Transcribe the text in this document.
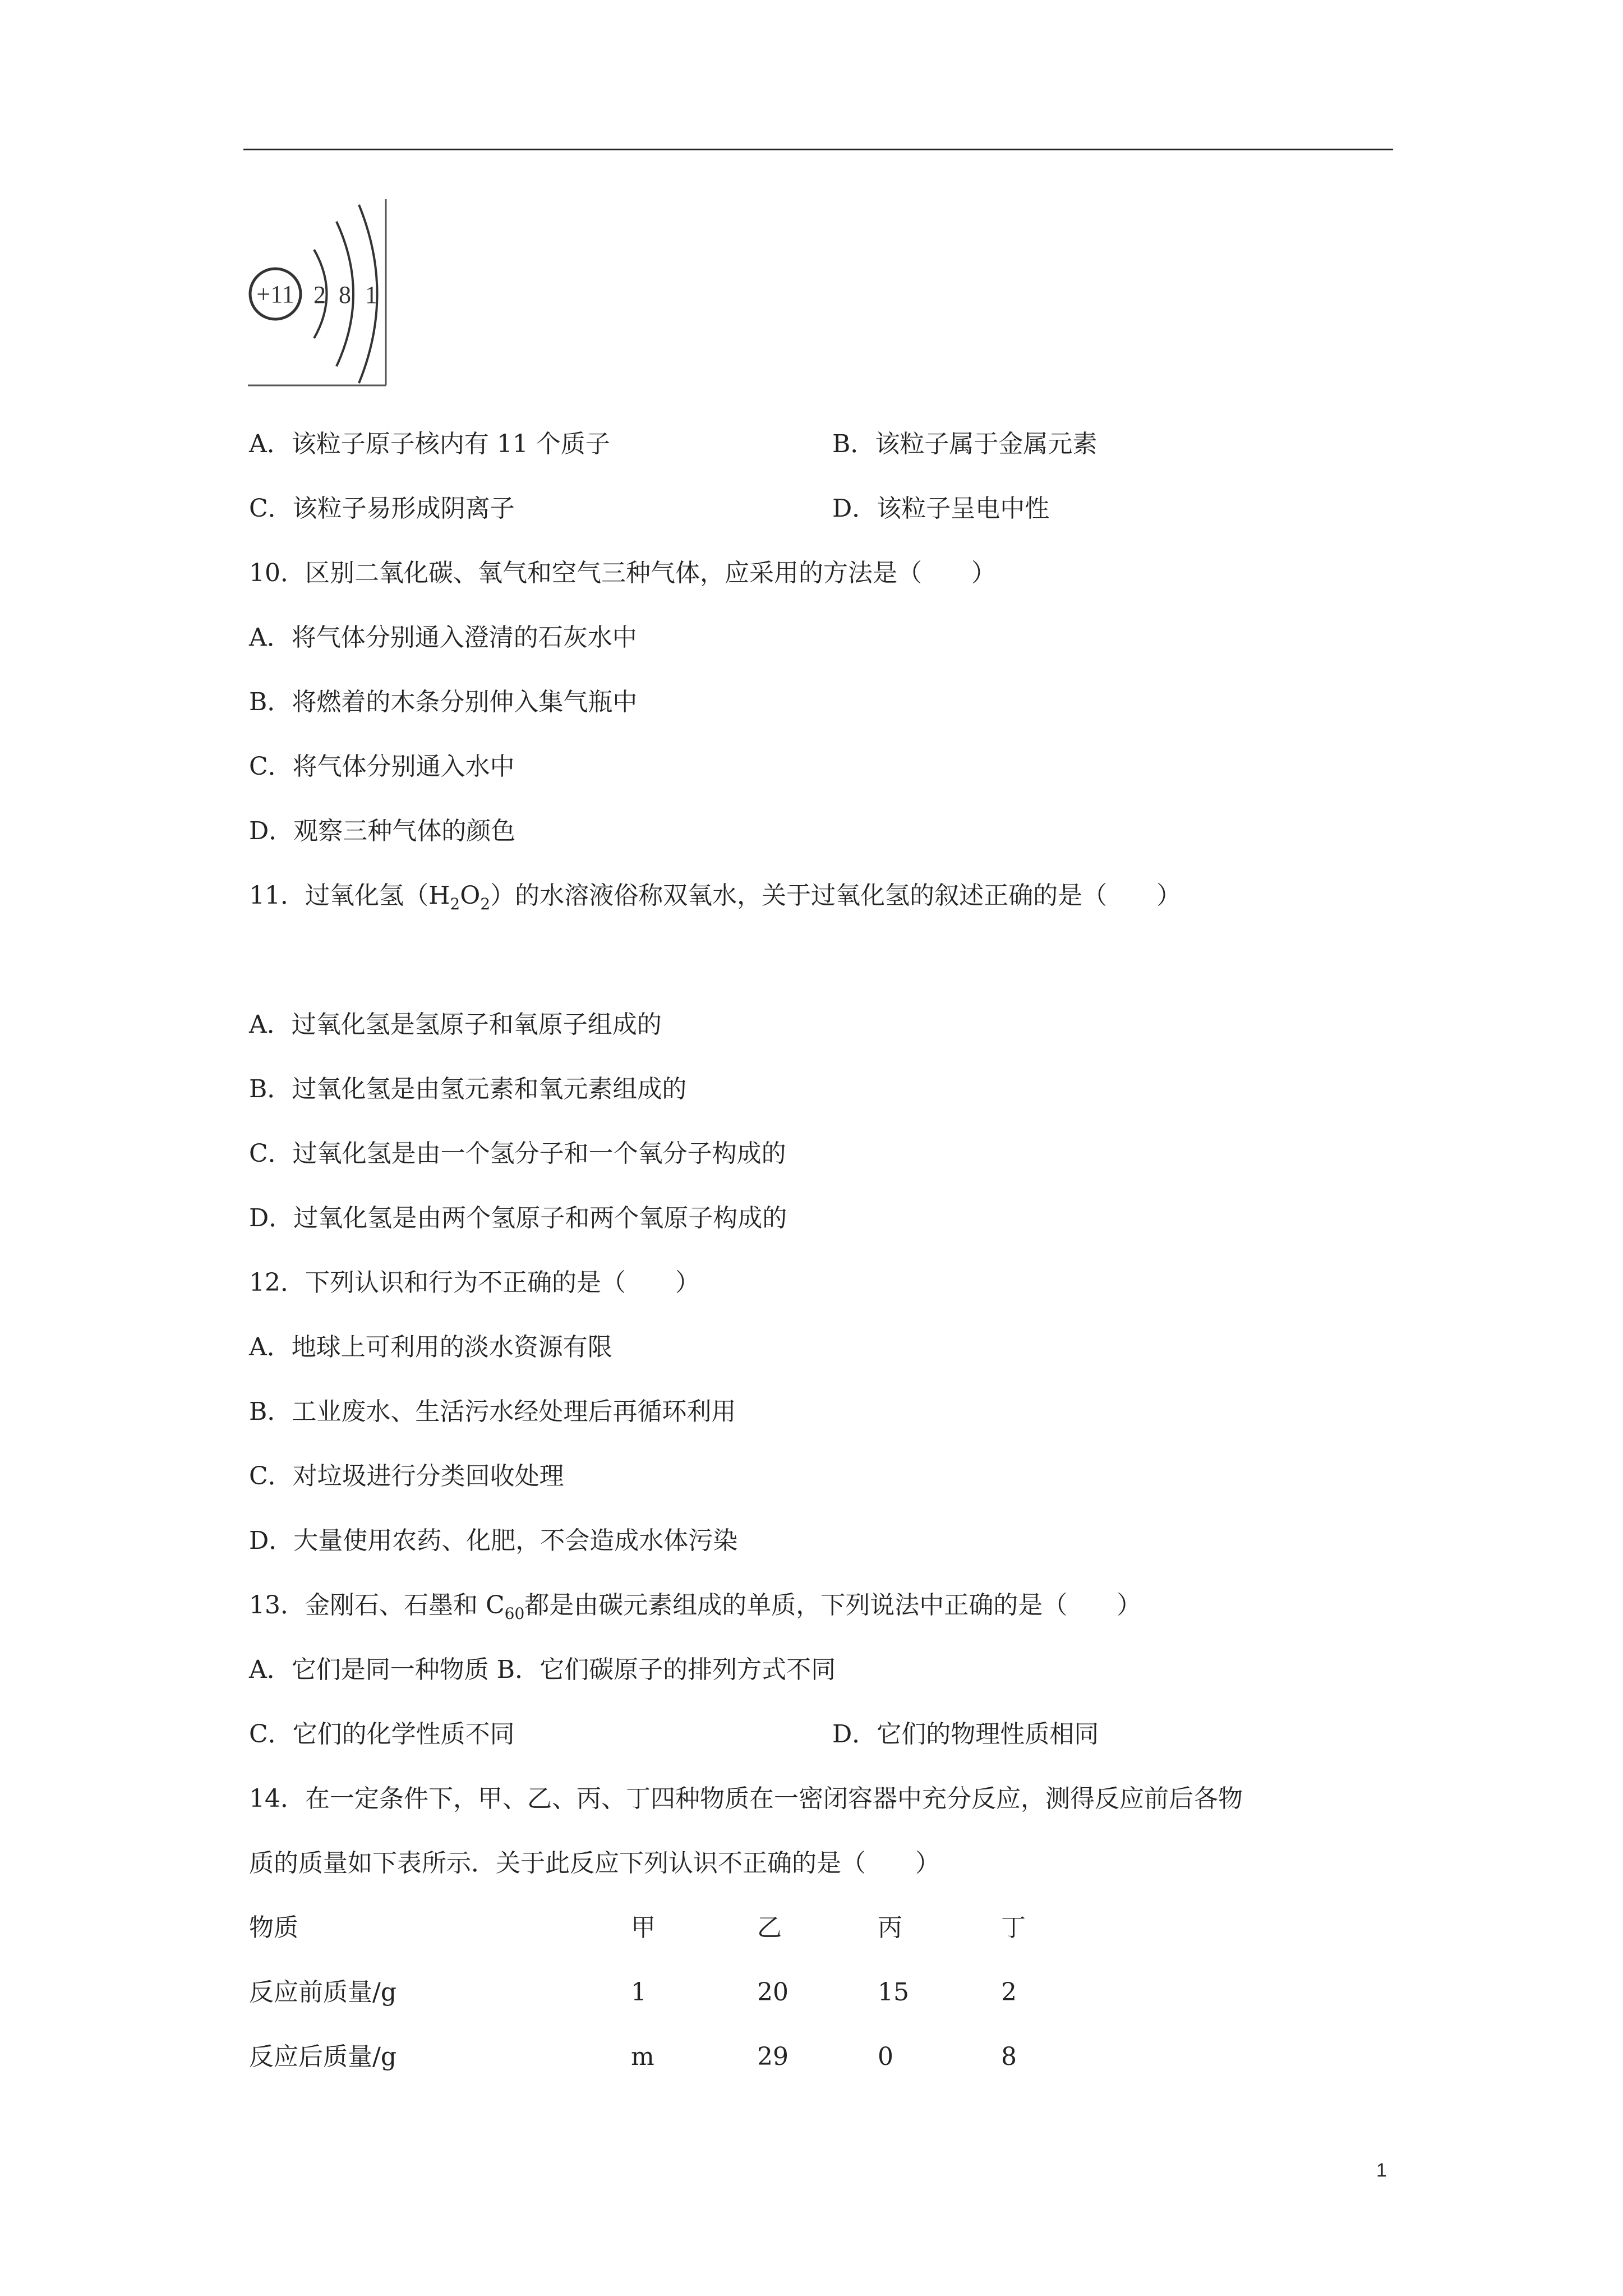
+11 2 8 1
A．该粒子原子核内有 11 个质子	B．该粒子属于金属元素
C．该粒子易形成阴离子	D．该粒子呈电中性
10．区别二氧化碳、氧气和空气三种气体，应采用的方法是（　　）
A．将气体分别通入澄清的石灰水中
B．将燃着的木条分别伸入集气瓶中
C．将气体分别通入水中
D．观察三种气体的颜色
11．过氧化氢$(H_2O_2)$的水溶液俗称双氧水，关于过氧化氢的叙述正确的是（　　）
A．过氧化氢是氢原子和氧原子组成的
B．过氧化氢是由氢元素和氧元素组成的
C．过氧化氢是由一个氢分子和一个氧分子构成的
D．过氧化氢是由两个氢原子和两个氧原子构成的
12．下列认识和行为不正确的是（　　）
A．地球上可利用的淡水资源有限
B．工业废水、生活污水经处理后再循环利用
C．对垃圾进行分类回收处理
D．大量使用农药、化肥，不会造成水体污染
13．金刚石、石墨和 $C_{60}$都是由碳元素组成的单质，下列说法中正确的是（　　）
A．它们是同一种物质 B．它们碳原子的排列方式不同
C．它们的化学性质不同	D．它们的物理性质相同
14．在一定条件下，甲、乙、丙、丁四种物质在一密闭容器中充分反应，测得反应前后各物
质的质量如下表所示．关于此反应下列认识不正确的是（　　）
物质	甲	乙	丙	丁
反应前质量/g	1	20	15	2
反应后质量/g	m	29	0	8
1
